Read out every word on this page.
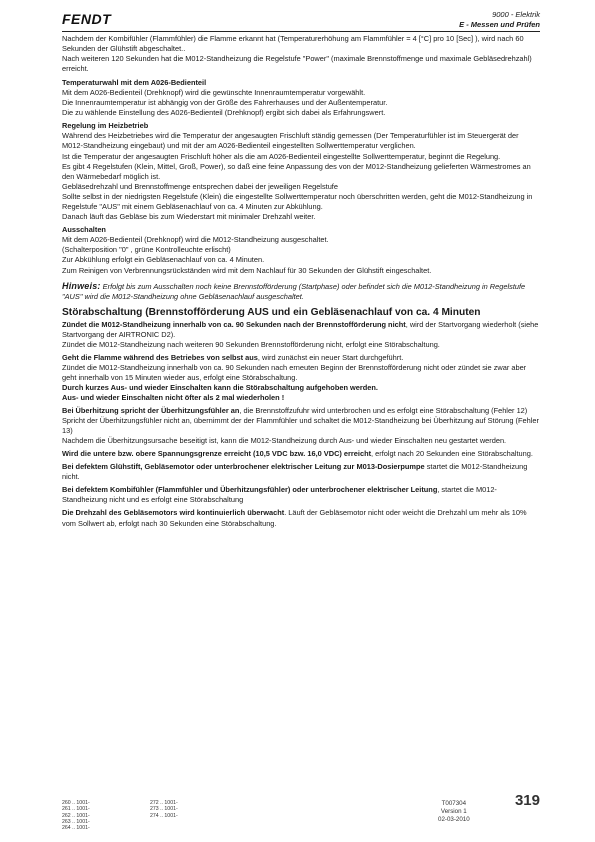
FENDT	9000 - Elektrik
E - Messen und Prüfen

Nachdem der Kombifühler (Flammfühler) die Flamme erkannt hat (Temperaturerhöhung am Flammfühler = 4 [°C] pro 10 [Sec] ), wird nach 60 Sekunden der Glühstift abgeschaltet..

Nach weiteren 120 Sekunden hat die M012-Standheizung die Regelstufe "Power" (maximale Brennstoffmenge und maximale Gebläsedrehzahl) erreicht.

Temperaturwahl mit dem A026-Bedienteil

Mit dem A026-Bedienteil (Drehknopf) wird die gewünschte Innenraumtemperatur vorgewählt.

Die Innenraumtemperatur ist abhängig von der Größe des Fahrerhauses und der Außentemperatur.

Die zu wählende Einstellung des A026-Bedienteil (Drehknopf) ergibt sich dabei als Erfahrungswert.

Regelung im Heizbetrieb

Während des Heizbetriebes wird die Temperatur der angesaugten Frischluft ständig gemessen (Der Temperaturfühler ist im Steuergerät der M012-Standheizung eingebaut) und mit der am A026-Bedienteil eingestellten Sollwerttemperatur verglichen.

Ist die Temperatur der angesaugten Frischluft höher als die am A026-Bedienteil eingestellte Sollwerttemperatur, beginnt die Regelung.

Es gibt 4 Regelstufen (Klein, Mittel, Groß, Power), so daß eine feine Anpassung des von der M012-Standheizung gelieferten Wärmestromes an den Wärmebedarf möglich ist.

Gebläsedrehzahl und Brennstoffmenge entsprechen dabei der jeweiligen Regelstufe

Sollte selbst in der niedrigsten Regelstufe (Klein) die eingestellte Sollwerttemperatur noch überschritten werden, geht die M012-Standheizung in Regelstufe "AUS" mit einem Gebläsenachlauf von ca. 4 Minuten zur Abkühlung.

Danach läuft das Gebläse bis zum Wiederstart mit minimaler Drehzahl weiter.

Ausschalten

Mit dem A026-Bedienteil (Drehknopf) wird die M012-Standheizung ausgeschaltet.

(Schalterposition "0" , grüne Kontrolleuchte erlischt)

Zur Abkühlung erfolgt ein Gebläsenachlauf von ca. 4 Minuten.

Zum Reinigen von Verbrennungsrückständen wird mit dem Nachlauf für 30 Sekunden der Glühstift eingeschaltet.

Hinweis: Erfolgt bis zum Ausschalten noch keine Brennstofförderung (Startphase) oder befindet sich die M012-Standheizung in Regelstufe "AUS" wird die M012-Standheizung ohne Gebläsenachlauf ausgeschaltet.

Störabschaltung (Brennstofförderung AUS und ein Gebläsenachlauf von ca. 4 Minuten

Zündet die M012-Standheizung innerhalb von ca. 90 Sekunden nach der Brennstofförderung nicht, wird der Startvorgang wiederholt (siehe Startvorgang der AIRTRONIC D2).

Zündet die M012-Standheizung nach weiteren 90 Sekunden Brennstofförderung nicht, erfolgt eine Störabschaltung.

Geht die Flamme während des Betriebes von selbst aus, wird zunächst ein neuer Start durchgeführt.

Zündet die M012-Standheizung innerhalb von ca. 90 Sekunden nach erneuten Beginn der Brennstofförderung nicht oder zündet sie zwar aber geht innerhalb von 15 Minuten wieder aus, erfolgt eine Störabschaltung.

Durch kurzes Aus- und wieder Einschalten kann die Störabschaltung aufgehoben werden.

Aus- und wieder Einschalten nicht öfter als 2 mal wiederholen !

Bei Überhitzung spricht der Überhitzungsfühler an, die Brennstoffzufuhr wird unterbrochen und es erfolgt eine Störabschaltung (Fehler 12)

Spricht der Überhitzungsfühler nicht an, übernimmt der der Flammfühler und schaltet die M012-Standheizung bei Überhitzung auf Störung (Fehler 13)

Nachdem die Überhitzungsursache beseitigt ist, kann die M012-Standheizung durch Aus- und wieder Einschalten neu gestartet werden.

Wird die untere bzw. obere Spannungsgrenze erreicht (10,5 VDC bzw. 16,0 VDC) erreicht, erfolgt nach 20 Sekunden eine Störabschaltung.

Bei defektem Glühstift, Gebläsemotor oder unterbrochener elektrischer Leitung zur M013-Dosierpumpe startet die M012-Standheizung nicht.

Bei defektem Kombifühler (Flammfühler und Überhitzungsfühler) oder unterbrochener elektrischer Leitung, startet die M012-Standheizung nicht und es erfolgt eine Störabschaltung

Die Drehzahl des Gebläsemotors wird kontinuierlich überwacht. Läuft der Gebläsemotor nicht oder weicht die Drehzahl um mehr als 10% vom Sollwert ab, erfolgt nach 30 Sekunden eine Störabschaltung.

260 .. 1001-
261 .. 1001-
262 .. 1001-
263 .. 1001-
264 .. 1001-
272 .. 1001-
273 .. 1001-
274 .. 1001-
T007304
Version 1
02-03-2010
319
